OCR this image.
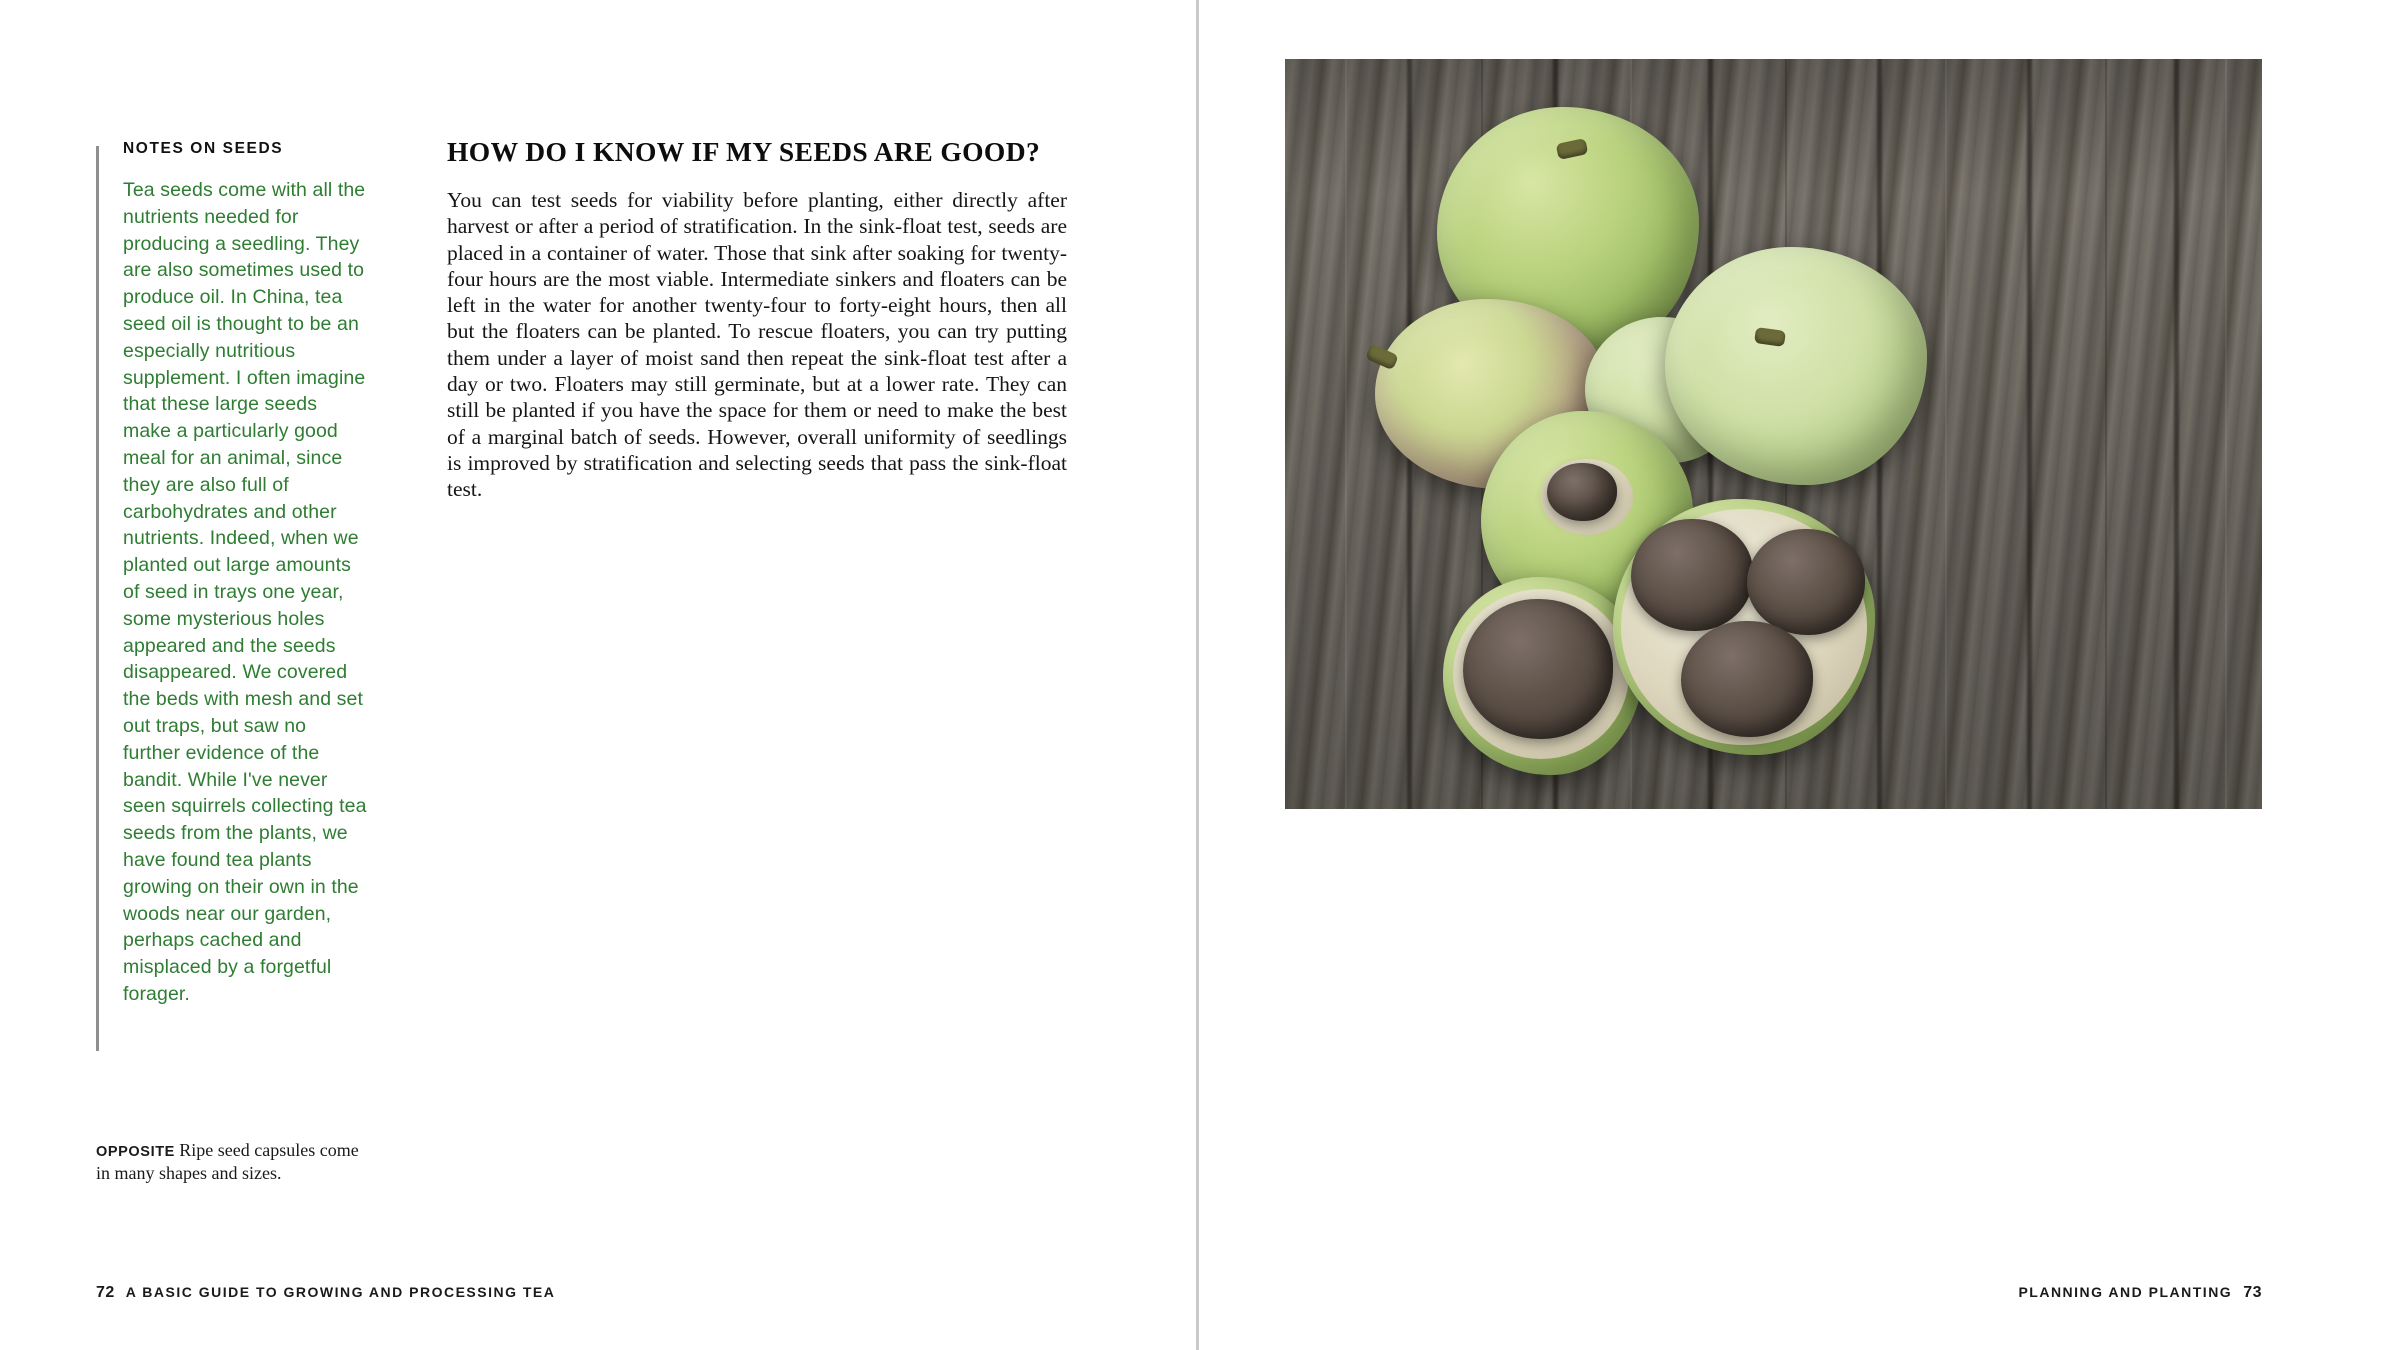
NOTES ON SEEDS
Tea seeds come with all the nutrients needed for producing a seedling. They are also sometimes used to produce oil. In China, tea seed oil is thought to be an especially nutritious supplement. I often imagine that these large seeds make a particularly good meal for an animal, since they are also full of carbohydrates and other nutrients. Indeed, when we planted out large amounts of seed in trays one year, some mysterious holes appeared and the seeds disappeared. We covered the beds with mesh and set out traps, but saw no further evidence of the bandit. While I've never seen squirrels collecting tea seeds from the plants, we have found tea plants growing on their own in the woods near our garden, perhaps cached and misplaced by a forgetful forager.
HOW DO I KNOW IF MY SEEDS ARE GOOD?

You can test seeds for viability before planting, either directly after harvest or after a period of stratification. In the sink-float test, seeds are placed in a container of water. Those that sink after soaking for twenty-four hours are the most viable. Intermediate sinkers and floaters can be left in the water for another twenty-four to forty-eight hours, then all but the floaters can be planted. To rescue floaters, you can try putting them under a layer of moist sand then repeat the sink-float test after a day or two. Floaters may still germinate, but at a lower rate. They can still be planted if you have the space for them or need to make the best of a marginal batch of seeds. However, overall uniformity of seedlings is improved by stratification and selecting seeds that pass the sink-float test.

OPPOSITE Ripe seed capsules come in many shapes and sizes.
72 A BASIC GUIDE TO GROWING AND PROCESSING TEA	PLANNING AND PLANTING 73
